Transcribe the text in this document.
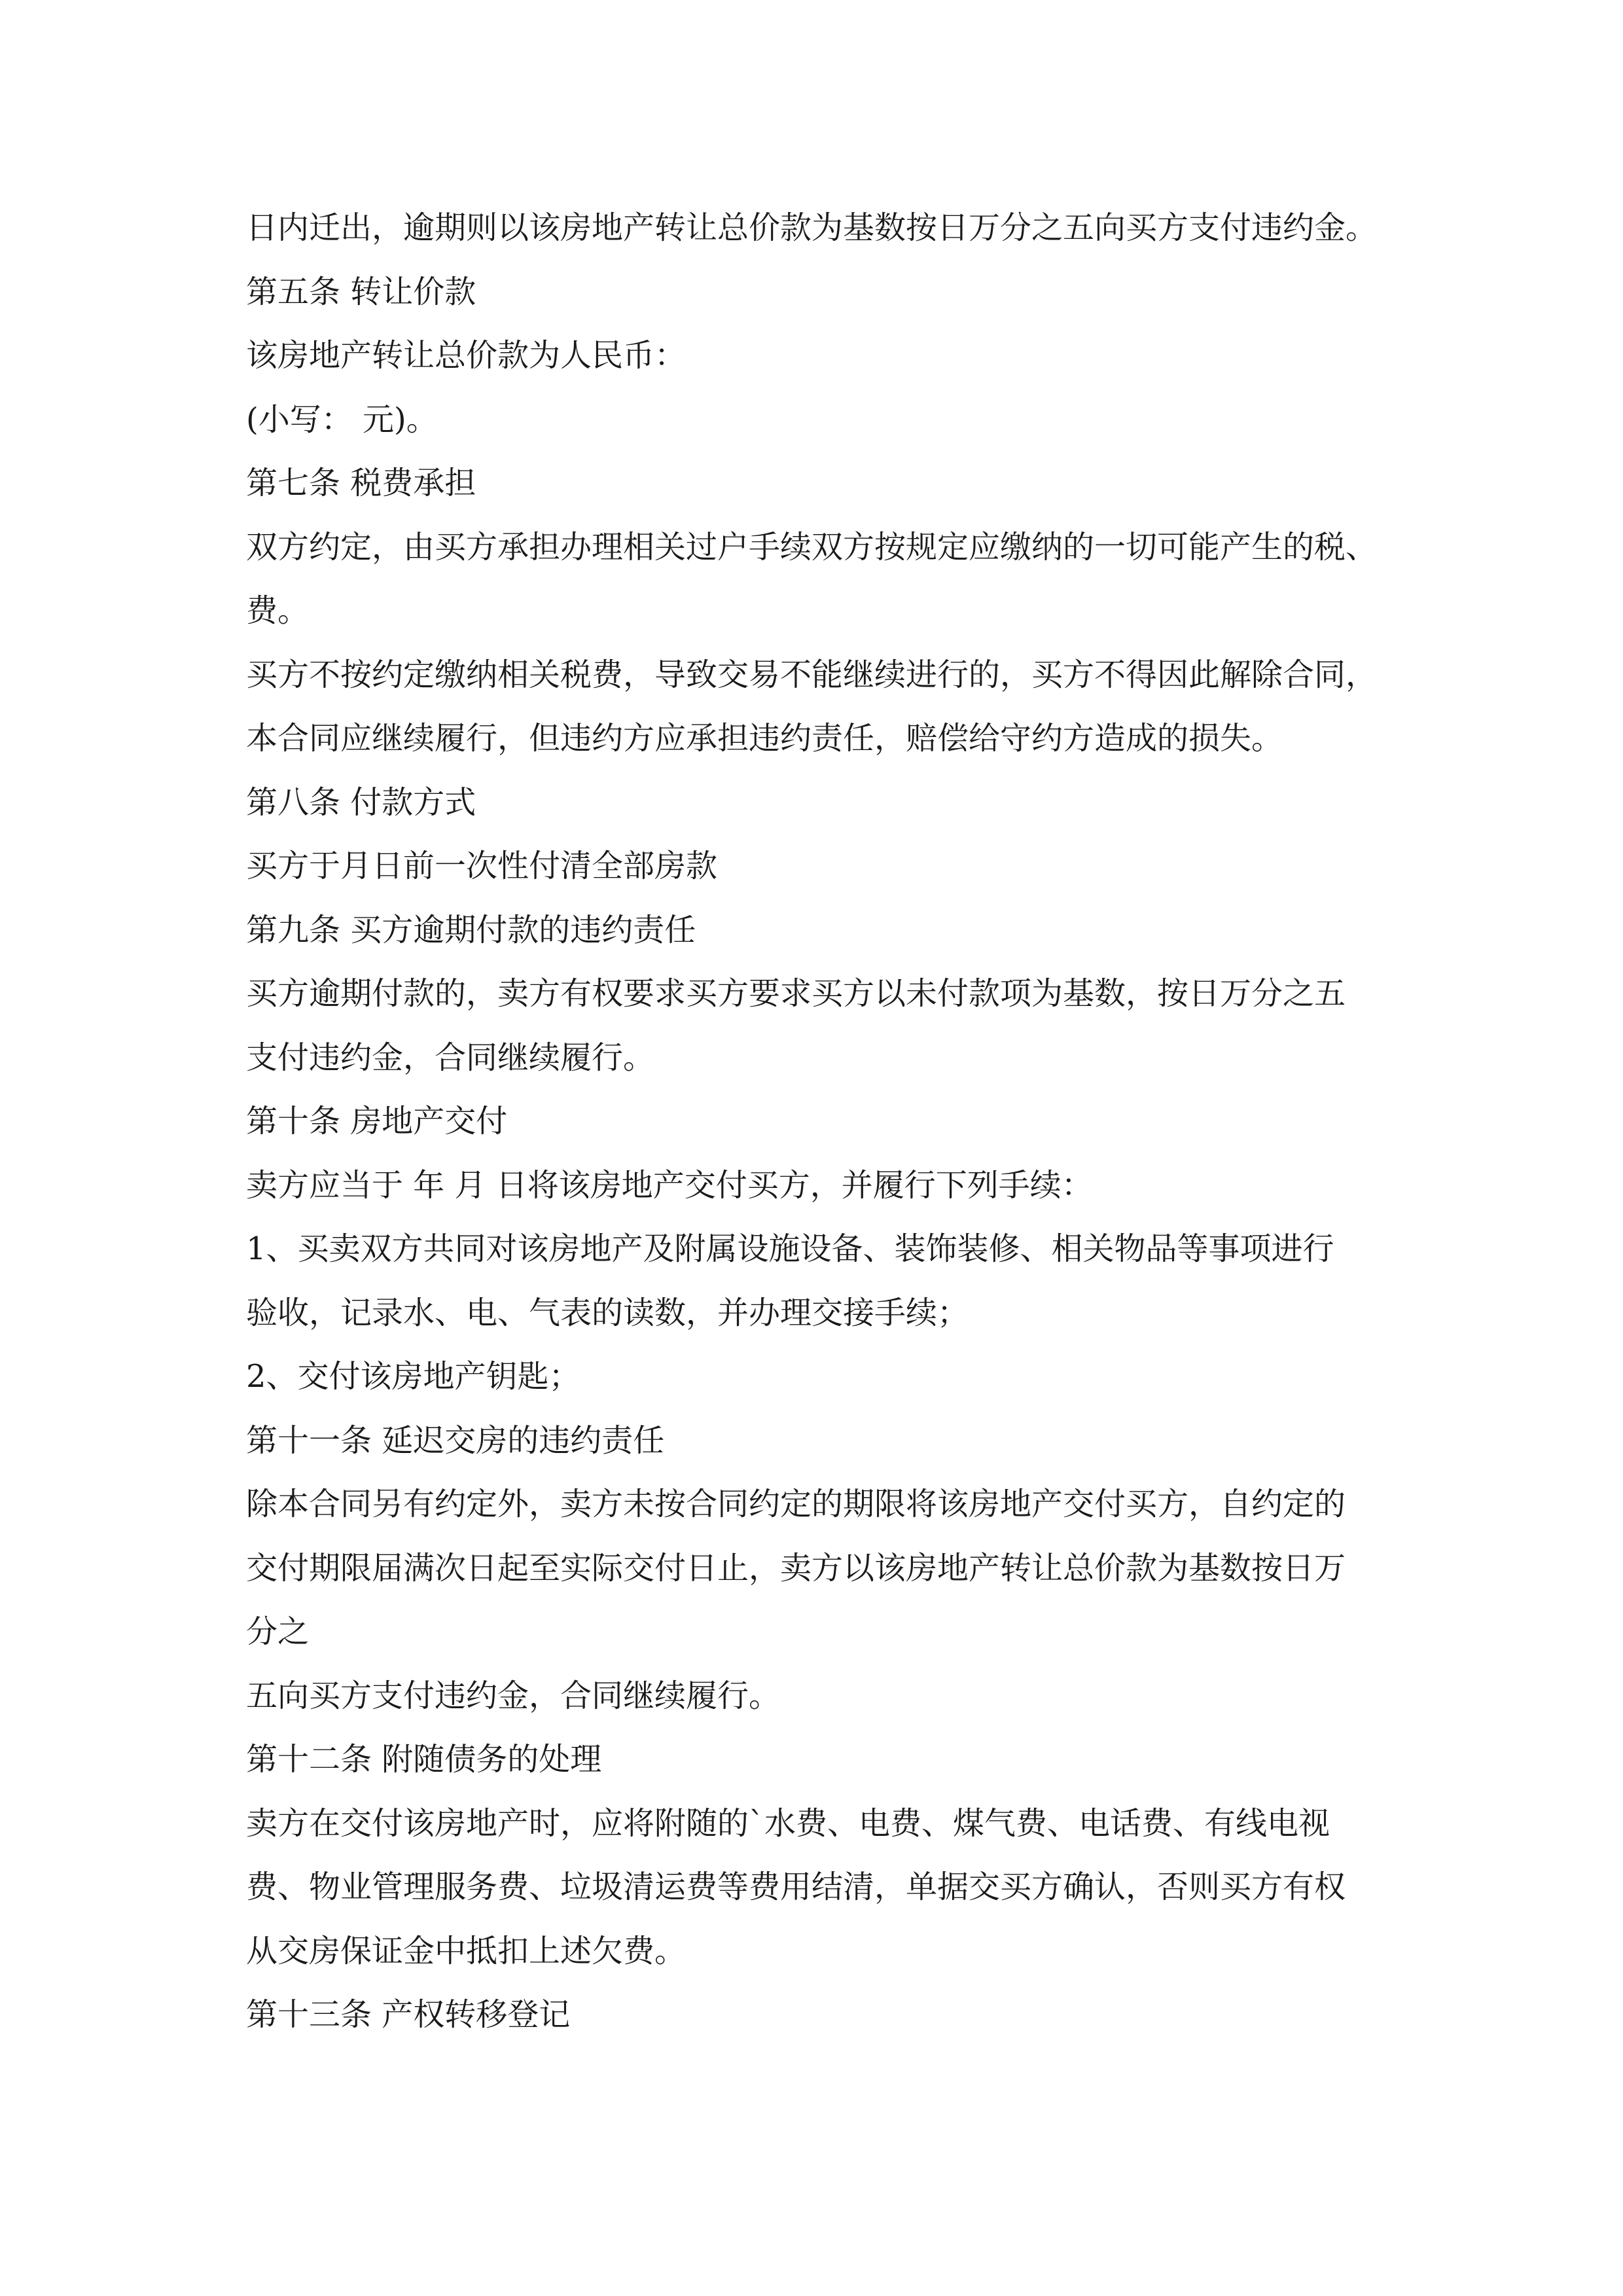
日内迁出，逾期则以该房地产转让总价款为基数按日万分之五向买方支付违约金。
第五条 转让价款
该房地产转让总价款为人民币：
(小写： 元)。
第七条 税费承担
双方约定，由买方承担办理相关过户手续双方按规定应缴纳的一切可能产生的税、
费。
买方不按约定缴纳相关税费，导致交易不能继续进行的，买方不得因此解除合同，
本合同应继续履行，但违约方应承担违约责任，赔偿给守约方造成的损失。
第八条 付款方式
买方于月日前一次性付清全部房款
第九条 买方逾期付款的违约责任
买方逾期付款的，卖方有权要求买方要求买方以未付款项为基数，按日万分之五
支付违约金，合同继续履行。
第十条 房地产交付
卖方应当于 年 月 日将该房地产交付买方，并履行下列手续：
1、买卖双方共同对该房地产及附属设施设备、装饰装修、相关物品等事项进行
验收，记录水、电、气表的读数，并办理交接手续；
2、交付该房地产钥匙；
第十一条 延迟交房的违约责任
除本合同另有约定外，卖方未按合同约定的期限将该房地产交付买方，自约定的
交付期限届满次日起至实际交付日止，卖方以该房地产转让总价款为基数按日万
分之
五向买方支付违约金，合同继续履行。
第十二条 附随债务的处理
卖方在交付该房地产时，应将附随的`水费、电费、煤气费、电话费、有线电视
费、物业管理服务费、垃圾清运费等费用结清，单据交买方确认，否则买方有权
从交房保证金中抵扣上述欠费。
第十三条 产权转移登记
